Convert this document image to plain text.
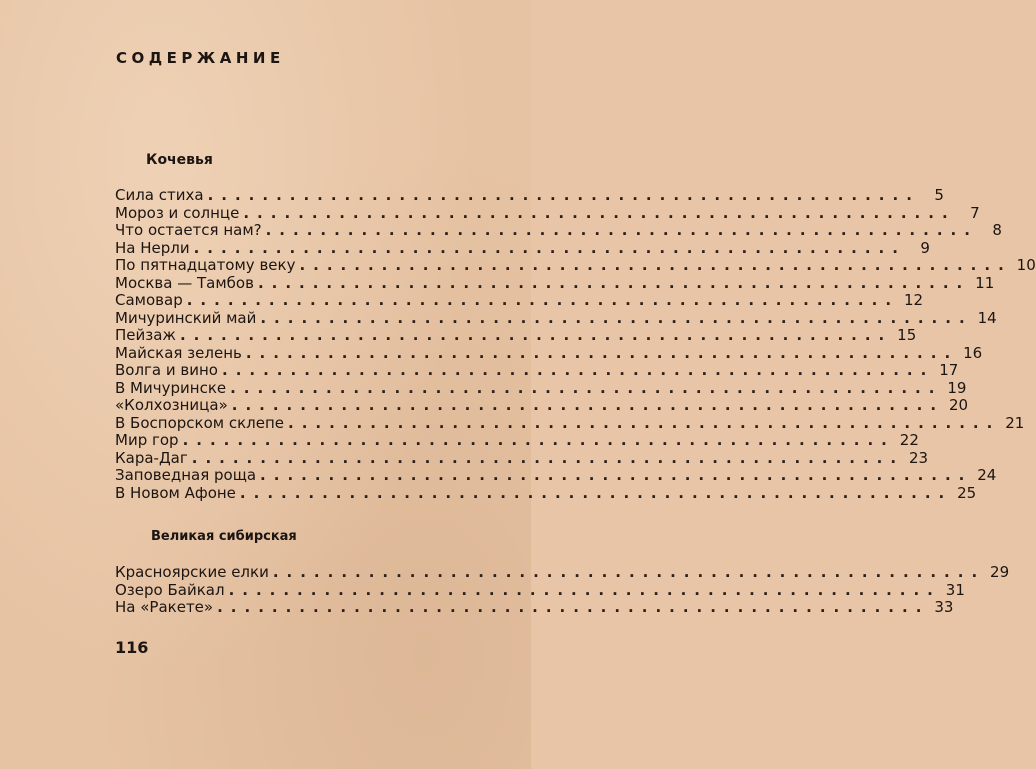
СОДЕРЖАНИЕ
Кочевья
Сила стиха .................................................... 5
Мороз и солнце .................................................... 7
Что остается нам? .................................................... 8
На Нерли .................................................... 9
По пятнадцатому веку .................................................... 10
Москва — Тамбов .................................................... 11
Самовар .................................................... 12
Мичуринский май .................................................... 14
Пейзаж .................................................... 15
Майская зелень .................................................... 16
Волга и вино .................................................... 17
В Мичуринске .................................................... 19
«Колхозница» .................................................... 20
В Боспорском склепе .................................................... 21
Мир гор .................................................... 22
Кара-Даг .................................................... 23
Заповедная роща .................................................... 24
В Новом Афоне .................................................... 25
Великая сибирская
Красноярские елки .................................................... 29
Озеро Байкал .................................................... 31
На «Ракете» .................................................... 33
116
